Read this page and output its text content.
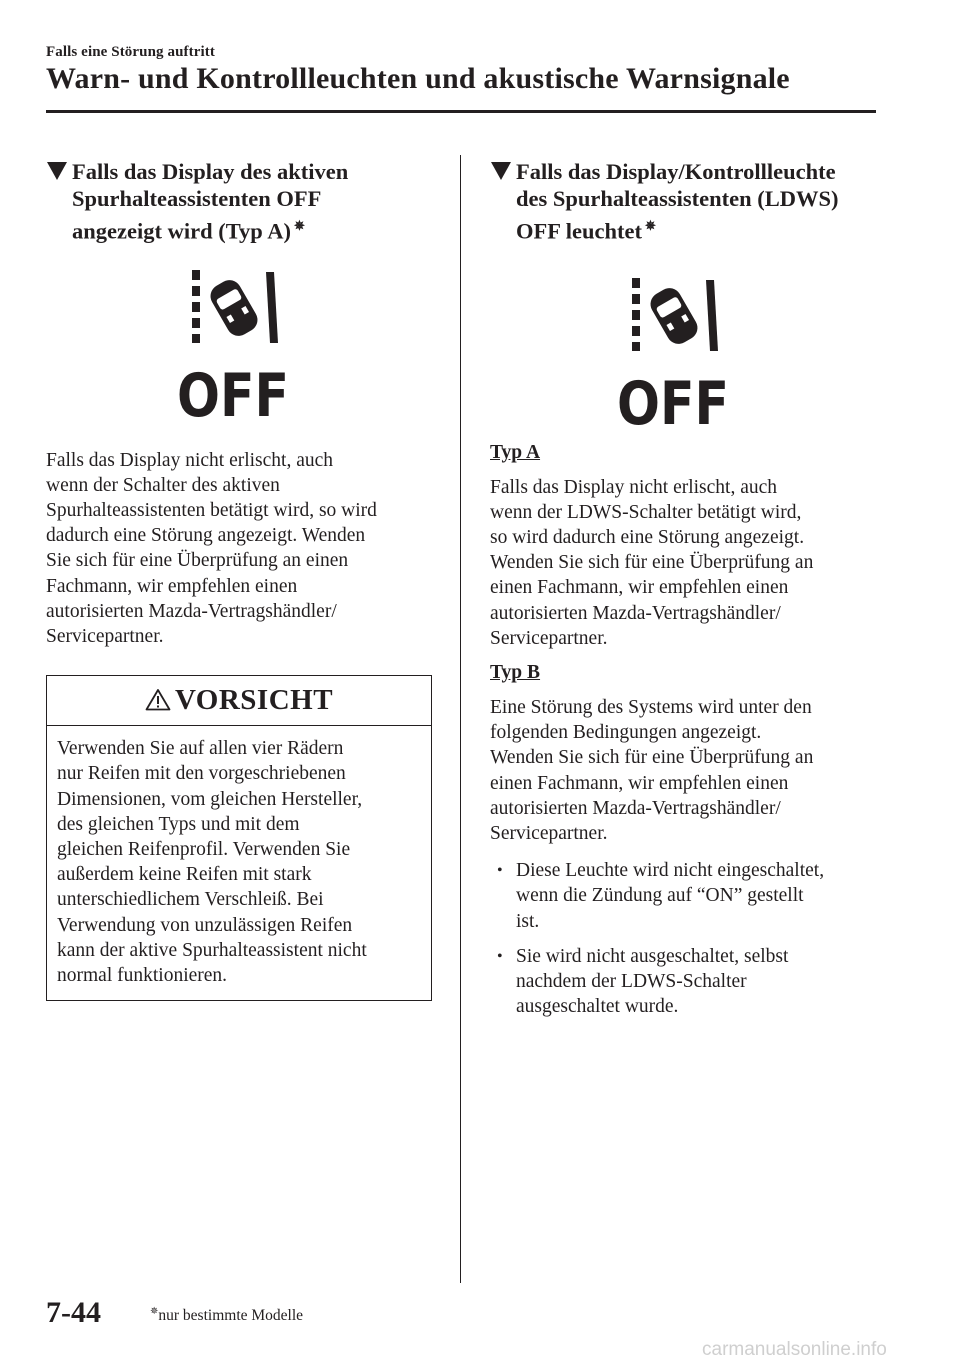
Falls eine Störung auftritt
Warn- und Kontrollleuchten und akustische Warnsignale
Falls das Display des aktiven
Spurhalteassistenten OFF
angezeigt wird (Typ A) ✵
OFF

Falls das Display nicht erlischt, auch
wenn der Schalter des aktiven
Spurhalteassistenten betätigt wird, so wird
dadurch eine Störung angezeigt. Wenden
Sie sich für eine Überprüfung an einen
Fachmann, wir empfehlen einen
autorisierten Mazda-Vertragshändler/
Servicepartner.

VORSICHT
Verwenden Sie auf allen vier Rädern
nur Reifen mit den vorgeschriebenen
Dimensionen, vom gleichen Hersteller,
des gleichen Typs und mit dem
gleichen Reifenprofil. Verwenden Sie
außerdem keine Reifen mit stark
unterschiedlichem Verschleiß. Bei
Verwendung von unzulässigen Reifen
kann der aktive Spurhalteassistent nicht
normal funktionieren.
Falls das Display/Kontrollleuchte
des Spurhalteassistenten (LDWS)
OFF leuchtet ✵
OFF

Typ A

Falls das Display nicht erlischt, auch
wenn der LDWS-Schalter betätigt wird,
so wird dadurch eine Störung angezeigt.
Wenden Sie sich für eine Überprüfung an
einen Fachmann, wir empfehlen einen
autorisierten Mazda-Vertragshändler/
Servicepartner.

Typ B

Eine Störung des Systems wird unter den
folgenden Bedingungen angezeigt.
Wenden Sie sich für eine Überprüfung an
einen Fachmann, wir empfehlen einen
autorisierten Mazda-Vertragshändler/
Servicepartner.

• Diese Leuchte wird nicht eingeschaltet,
wenn die Zündung auf “ON” gestellt
ist.
• Sie wird nicht ausgeschaltet, selbst
nachdem der LDWS-Schalter
ausgeschaltet wurde.
7-44	✵nur bestimmte Modelle
carmanualsonline.info
